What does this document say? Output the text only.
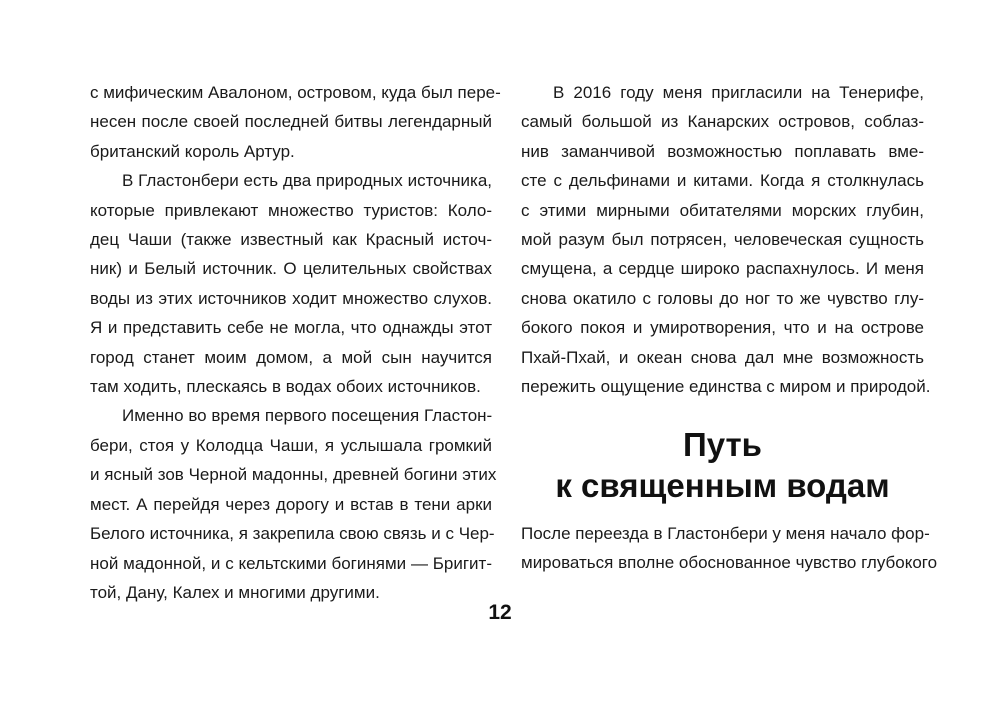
с мифическим Авалоном, островом, куда был пере-
несен после своей последней битвы легендарный
британский король Артур.
В Гластонбери есть два природных источника,
которые привлекают множество туристов: Коло-
дец Чаши (также известный как Красный источ-
ник) и Белый источник. О целительных свойствах
воды из этих источников ходит множество слухов.
Я и представить себе не могла, что однажды этот
город станет моим домом, а мой сын научится
там ходить, плескаясь в водах обоих источников.
Именно во время первого посещения Гластон-
бери, стоя у Колодца Чаши, я услышала громкий
и ясный зов Черной мадонны, древней богини этих
мест. А перейдя через дорогу и встав в тени арки
Белого источника, я закрепила свою связь и с Чер-
ной мадонной, и с кельтскими богинями — Бригит-
той, Дану, Калех и многими другими.
В 2016 году меня пригласили на Тенерифе,
самый большой из Канарских островов, соблаз-
нив заманчивой возможностью поплавать вме-
сте с дельфинами и китами. Когда я столкнулась
с этими мирными обитателями морских глубин,
мой разум был потрясен, человеческая сущность
смущена, а сердце широко распахнулось. И меня
снова окатило с головы до ног то же чувство глу-
бокого покоя и умиротворения, что и на острове
Пхай-Пхай, и океан снова дал мне возможность
пережить ощущение единства с миром и природой.
Путь
к священным водам
После переезда в Гластонбери у меня начало фор-
мироваться вполне обоснованное чувство глубокого
12
